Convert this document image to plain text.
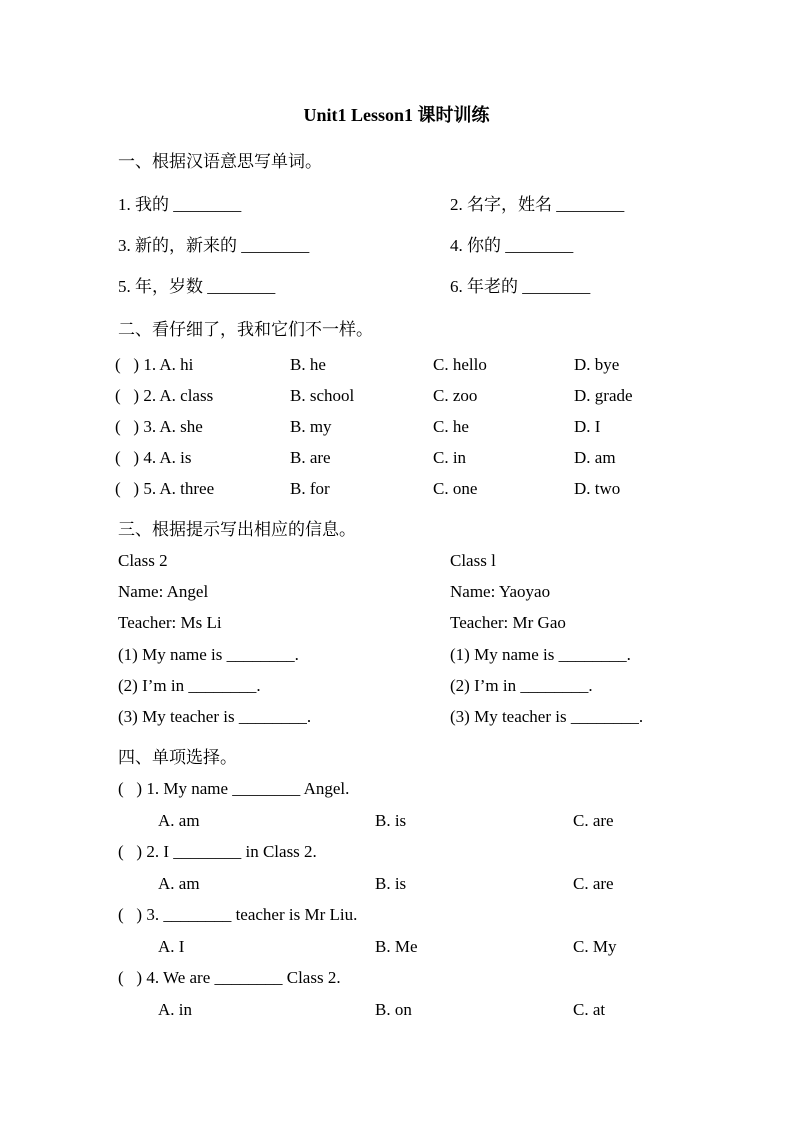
Unit1 Lesson1 课时训练
一、根据汉语意思写单词。
1. 我的 ________	2. 名字，姓名 ________
3. 新的，新来的 ________	4. 你的 ________
5. 年，岁数 ________	6. 年老的 ________
二、看仔细了，我和它们不一样。
(   ) 1. A. hi	B. he	C. hello	D. bye
(   ) 2. A. class	B. school	C. zoo	D. grade
(   ) 3. A. she	B. my	C. he	D. I
(   ) 4. A. is	B. are	C. in	D. am
(   ) 5. A. three	B. for	C. one	D. two
三、根据提示写出相应的信息。
Class 2
Name: Angel
Teacher: Ms Li
(1) My name is ________.
(2) I’m in ________.
(3) My teacher is ________.
Class l
Name: Yaoyao
Teacher: Mr Gao
(1) My name is ________.
(2) I’m in ________.
(3) My teacher is ________.
四、单项选择。
(   ) 1. My name ________ Angel.
A. am	B. is	C. are
(   ) 2. I ________ in Class 2.
A. am	B. is	C. are
(   ) 3. ________ teacher is Mr Liu.
A. I	B. Me	C. My
(   ) 4. We are ________ Class 2.
A. in	B. on	C. at
